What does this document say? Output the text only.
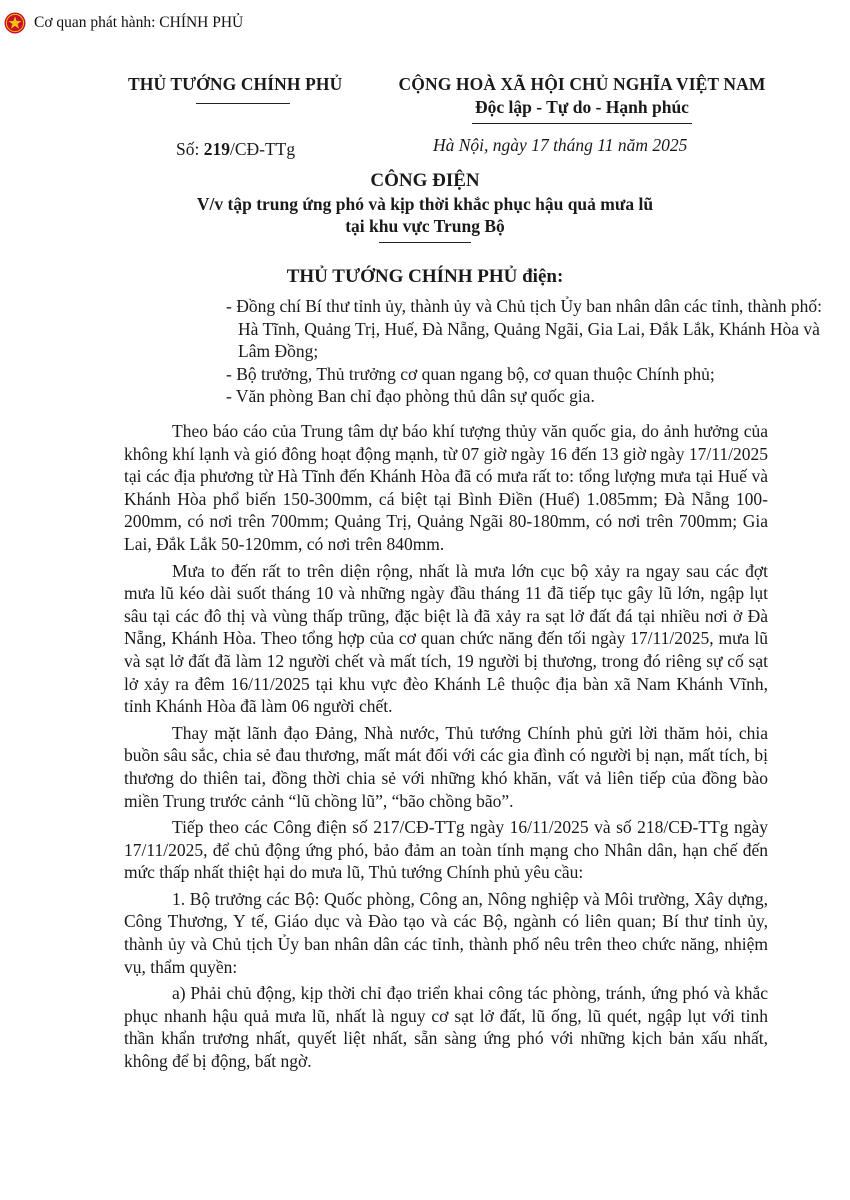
Cơ quan phát hành: CHÍNH PHỦ
THỦ TƯỚNG CHÍNH PHỦ	CỘNG HOÀ XÃ HỘI CHỦ NGHĨA VIỆT NAM
Độc lập - Tự do - Hạnh phúc
Số: 219/CĐ-TTg	Hà Nội, ngày 17 tháng 11 năm 2025
CÔNG ĐIỆN
V/v tập trung ứng phó và kịp thời khắc phục hậu quả mưa lũ
tại khu vực Trung Bộ
THỦ TƯỚNG CHÍNH PHỦ điện:
- Đồng chí Bí thư tỉnh ủy, thành ủy và Chủ tịch Ủy ban nhân dân các tỉnh, thành phố: Hà Tĩnh, Quảng Trị, Huế, Đà Nẵng, Quảng Ngãi, Gia Lai, Đắk Lắk, Khánh Hòa và Lâm Đồng;
- Bộ trưởng, Thủ trưởng cơ quan ngang bộ, cơ quan thuộc Chính phủ;
- Văn phòng Ban chỉ đạo phòng thủ dân sự quốc gia.

Theo báo cáo của Trung tâm dự báo khí tượng thủy văn quốc gia, do ảnh hưởng của không khí lạnh và gió đông hoạt động mạnh, từ 07 giờ ngày 16 đến 13 giờ ngày 17/11/2025 tại các địa phương từ Hà Tĩnh đến Khánh Hòa đã có mưa rất to: tổng lượng mưa tại Huế và Khánh Hòa phổ biến 150-300mm, cá biệt tại Bình Điền (Huế) 1.085mm; Đà Nẵng 100-200mm, có nơi trên 700mm; Quảng Trị, Quảng Ngãi 80-180mm, có nơi trên 700mm; Gia Lai, Đắk Lắk 50-120mm, có nơi trên 840mm.

Mưa to đến rất to trên diện rộng, nhất là mưa lớn cục bộ xảy ra ngay sau các đợt mưa lũ kéo dài suốt tháng 10 và những ngày đầu tháng 11 đã tiếp tục gây lũ lớn, ngập lụt sâu tại các đô thị và vùng thấp trũng, đặc biệt là đã xảy ra sạt lở đất đá tại nhiều nơi ở Đà Nẵng, Khánh Hòa. Theo tổng hợp của cơ quan chức năng đến tối ngày 17/11/2025, mưa lũ và sạt lở đất đã làm 12 người chết và mất tích, 19 người bị thương, trong đó riêng sự cố sạt lở xảy ra đêm 16/11/2025 tại khu vực đèo Khánh Lê thuộc địa bàn xã Nam Khánh Vĩnh, tỉnh Khánh Hòa đã làm 06 người chết.

Thay mặt lãnh đạo Đảng, Nhà nước, Thủ tướng Chính phủ gửi lời thăm hỏi, chia buồn sâu sắc, chia sẻ đau thương, mất mát đối với các gia đình có người bị nạn, mất tích, bị thương do thiên tai, đồng thời chia sẻ với những khó khăn, vất vả liên tiếp của đồng bào miền Trung trước cảnh “lũ chồng lũ”, “bão chồng bão”.

Tiếp theo các Công điện số 217/CĐ-TTg ngày 16/11/2025 và số 218/CĐ-TTg ngày 17/11/2025, để chủ động ứng phó, bảo đảm an toàn tính mạng cho Nhân dân, hạn chế đến mức thấp nhất thiệt hại do mưa lũ, Thủ tướng Chính phủ yêu cầu:

1. Bộ trưởng các Bộ: Quốc phòng, Công an, Nông nghiệp và Môi trường, Xây dựng, Công Thương, Y tế, Giáo dục và Đào tạo và các Bộ, ngành có liên quan; Bí thư tỉnh ủy, thành ủy và Chủ tịch Ủy ban nhân dân các tỉnh, thành phố nêu trên theo chức năng, nhiệm vụ, thẩm quyền:

a) Phải chủ động, kịp thời chỉ đạo triển khai công tác phòng, tránh, ứng phó và khắc phục nhanh hậu quả mưa lũ, nhất là nguy cơ sạt lở đất, lũ ống, lũ quét, ngập lụt với tinh thần khẩn trương nhất, quyết liệt nhất, sẵn sàng ứng phó với những kịch bản xấu nhất, không để bị động, bất ngờ.
